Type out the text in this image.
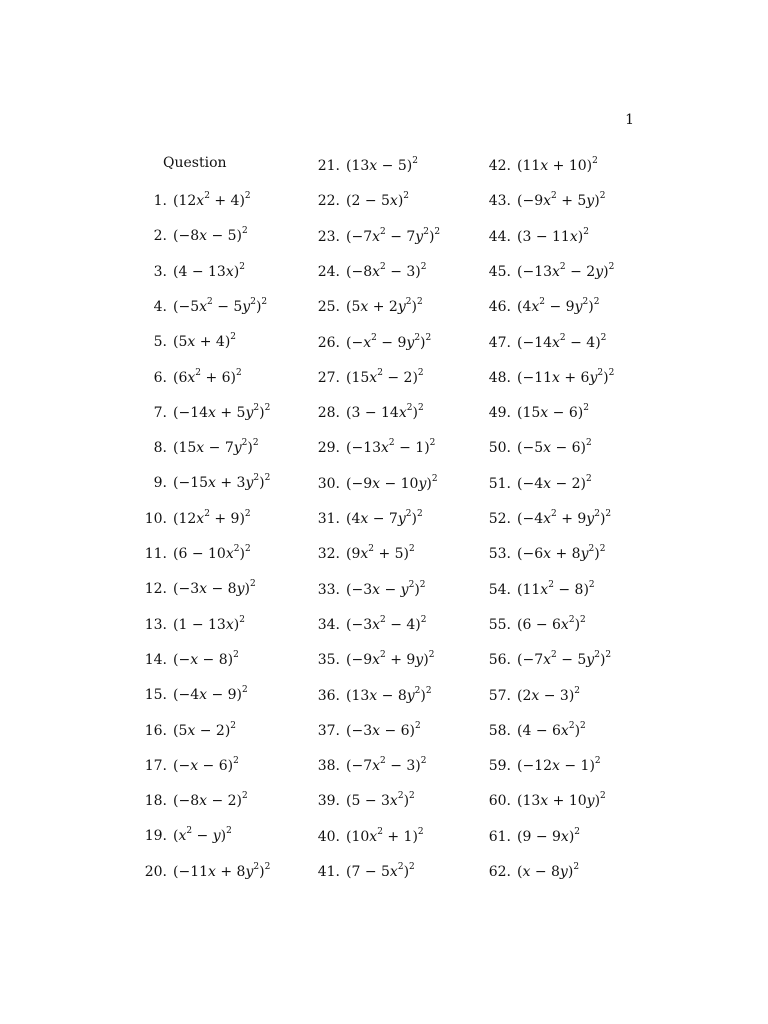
1
Question
1. $(12x^2 + 4)^2$
2. $(-8x - 5)^2$
3. $(4 - 13x)^2$
4. $(-5x^2 - 5y^2)^2$
5. $(5x + 4)^2$
6. $(6x^2 + 6)^2$
7. $(-14x + 5y^2)^2$
8. $(15x - 7y^2)^2$
9. $(-15x + 3y^2)^2$
10. $(12x^2 + 9)^2$
11. $(6 - 10x^2)^2$
12. $(-3x - 8y)^2$
13. $(1 - 13x)^2$
14. $(-x - 8)^2$
15. $(-4x - 9)^2$
16. $(5x - 2)^2$
17. $(-x - 6)^2$
18. $(-8x - 2)^2$
19. $(x^2 - y)^2$
20. $(-11x + 8y^2)^2$
21. $(13x - 5)^2$
22. $(2 - 5x)^2$
23. $(-7x^2 - 7y^2)^2$
24. $(-8x^2 - 3)^2$
25. $(5x + 2y^2)^2$
26. $(-x^2 - 9y^2)^2$
27. $(15x^2 - 2)^2$
28. $(3 - 14x^2)^2$
29. $(-13x^2 - 1)^2$
30. $(-9x - 10y)^2$
31. $(4x - 7y^2)^2$
32. $(9x^2 + 5)^2$
33. $(-3x - y^2)^2$
34. $(-3x^2 - 4)^2$
35. $(-9x^2 + 9y)^2$
36. $(13x - 8y^2)^2$
37. $(-3x - 6)^2$
38. $(-7x^2 - 3)^2$
39. $(5 - 3x^2)^2$
40. $(10x^2 + 1)^2$
41. $(7 - 5x^2)^2$
42. $(11x + 10)^2$
43. $(-9x^2 + 5y)^2$
44. $(3 - 11x)^2$
45. $(-13x^2 - 2y)^2$
46. $(4x^2 - 9y^2)^2$
47. $(-14x^2 - 4)^2$
48. $(-11x + 6y^2)^2$
49. $(15x - 6)^2$
50. $(-5x - 6)^2$
51. $(-4x - 2)^2$
52. $(-4x^2 + 9y^2)^2$
53. $(-6x + 8y^2)^2$
54. $(11x^2 - 8)^2$
55. $(6 - 6x^2)^2$
56. $(-7x^2 - 5y^2)^2$
57. $(2x - 3)^2$
58. $(4 - 6x^2)^2$
59. $(-12x - 1)^2$
60. $(13x + 10y)^2$
61. $(9 - 9x)^2$
62. $(x - 8y)^2$
